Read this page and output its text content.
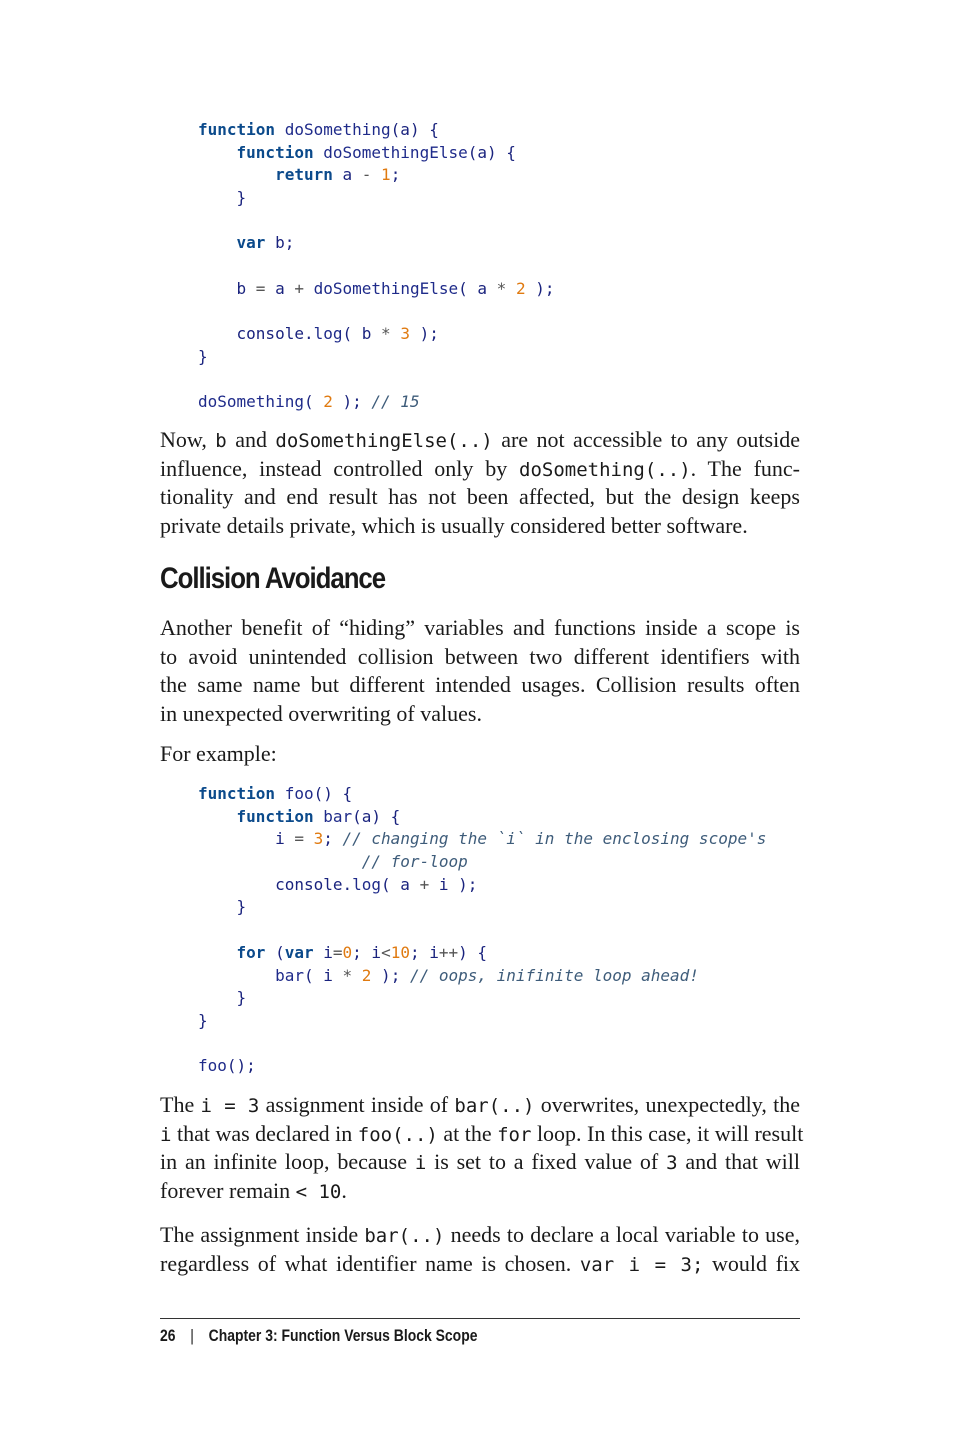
function doSomething(a) {
function doSomethingElse(a) {
return a - 1;
}
var b;
b = a + doSomethingElse( a * 2 );
console.log( b * 3 );
}
doSomething( 2 ); // 15
Now, b and doSomethingElse(..) are not accessible to any outside
influence, instead controlled only by doSomething(..). The func-
tionality and end result has not been affected, but the design keeps
private details private, which is usually considered better software.
Collision Avoidance
Another benefit of “hiding” variables and functions inside a scope is
to avoid unintended collision between two different identifiers with
the same name but different intended usages. Collision results often
in unexpected overwriting of values.
For example:
function foo() {
function bar(a) {
i = 3; // changing the `i` in the enclosing scope's
// for-loop
console.log( a + i );
}
for (var i=0; i<10; i++) {
bar( i * 2 ); // oops, inifinite loop ahead!
}
}
foo();
The i = 3 assignment inside of bar(..) overwrites, unexpectedly, the
i that was declared in foo(..) at the for loop. In this case, it will result
in an infinite loop, because i is set to a fixed value of 3 and that will
forever remain < 10.
The assignment inside bar(..) needs to declare a local variable to use,
regardless of what identifier name is chosen. var i = 3; would fix
26 | Chapter 3: Function Versus Block Scope
